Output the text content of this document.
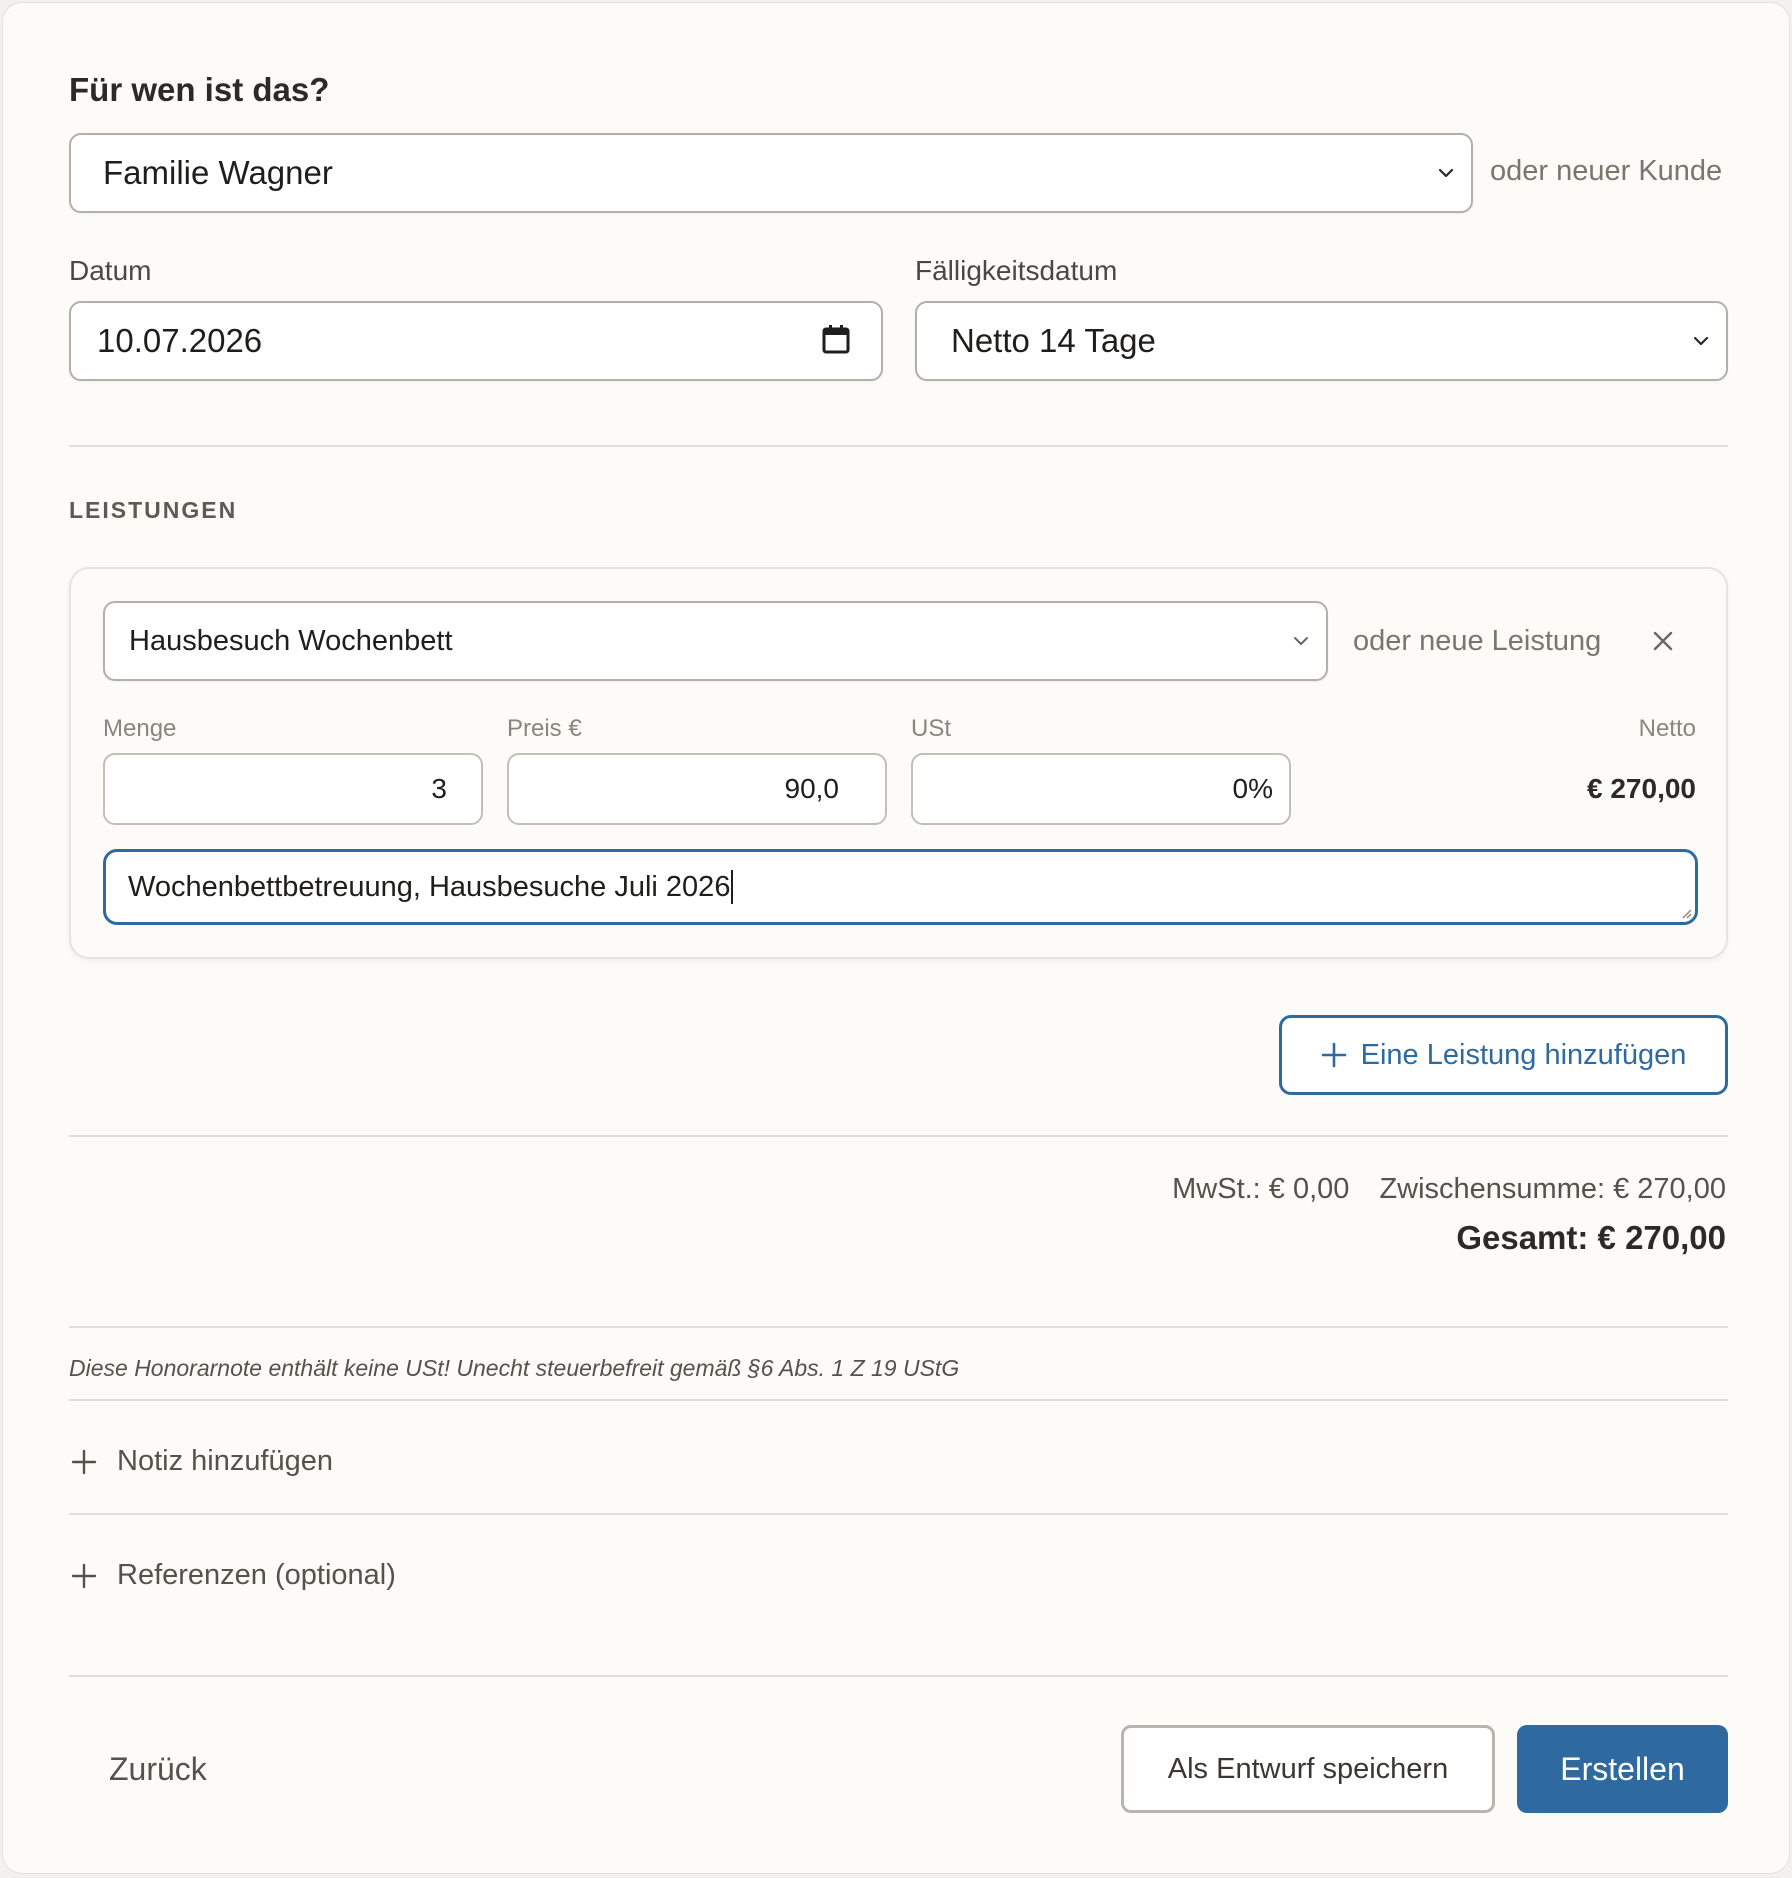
Für wen ist das?
Familie Wagner	oder neuer Kunde
Datum
10.07.2026
Fälligkeitsdatum
Netto 14 Tage
LEISTUNGEN
Hausbesuch Wochenbett	oder neue Leistung
Menge	Preis €	USt	Netto
3	90,0	0%	€ 270,00
Wochenbettbetreuung, Hausbesuche Juli 2026
Eine Leistung hinzufügen
MwSt.: € 0,00 Zwischensumme: € 270,00
Gesamt: € 270,00
Diese Honorarnote enthält keine USt! Unecht steuerbefreit gemäß §6 Abs. 1 Z 19 UStG
Notiz hinzufügen
Referenzen (optional)
Zurück	Als Entwurf speichern	Erstellen
